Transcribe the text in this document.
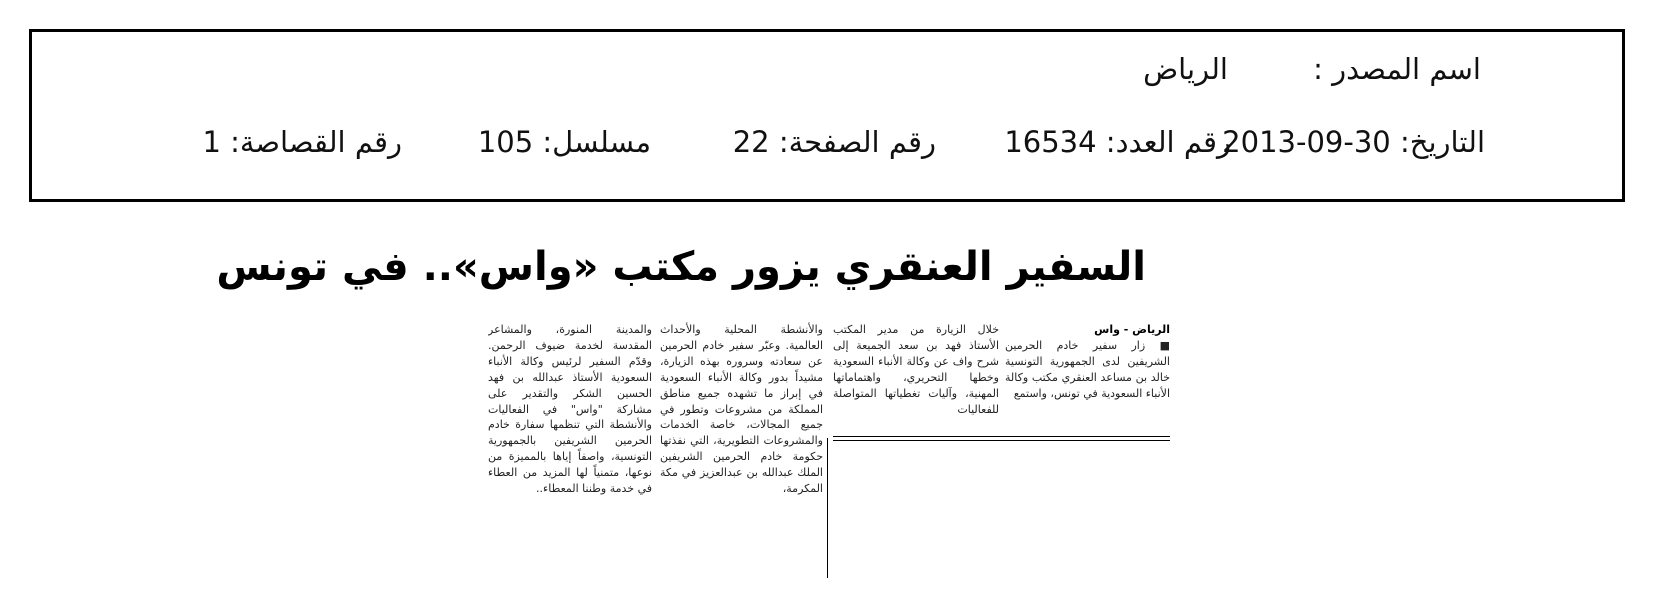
اسم المصدر :
الرياض
التاريخ: 30-09-2013
رقم العدد: 16534
رقم الصفحة: 22
مسلسل: 105
رقم القصاصة: 1
السفير العنقري يزور مكتب «واس».. في تونس

الرياض - واس

■ زار سفير خادم الحرمين الشريفين لدى الجمهورية التونسية خالد بن مساعد العنقري مكتب وكالة الأنباء السعودية في تونس، واستمع

خلال الزيارة من مدير المكتب الأستاذ فهد بن سعد الجميعة إلى شرح واف عن وكالة الأنباء السعودية وخطها التحريري، واهتماماتها المهنية، وآليات تغطياتها المتواصلة للفعاليات

والأنشطة المحلية والأحداث العالمية. وعبّر سفير خادم الحرمين عن سعادته وسروره بهذه الزيارة، مشيداً بدور وكالة الأنباء السعودية في إبراز ما تشهده جميع مناطق المملكة من مشروعات وتطور في جميع المجالات، خاصة الخدمات والمشروعات التطويرية، التي نفذتها حكومة خادم الحرمين الشريفين الملك عبدالله بن عبدالعزيز في مكة المكرمة،

والمدينة المنورة، والمشاعر المقدسة لخدمة ضيوف الرحمن. وقدّم السفير لرئيس وكالة الأنباء السعودية الأستاذ عبدالله بن فهد الحسين الشكر والتقدير على مشاركة "واس" في الفعاليات والأنشطة التي تنظمها سفارة خادم الحرمين الشريفين بالجمهورية التونسية، واصفاً إياها بالمميزة من نوعها، متمنياً لها المزيد من العطاء في خدمة وطننا المعطاء..
